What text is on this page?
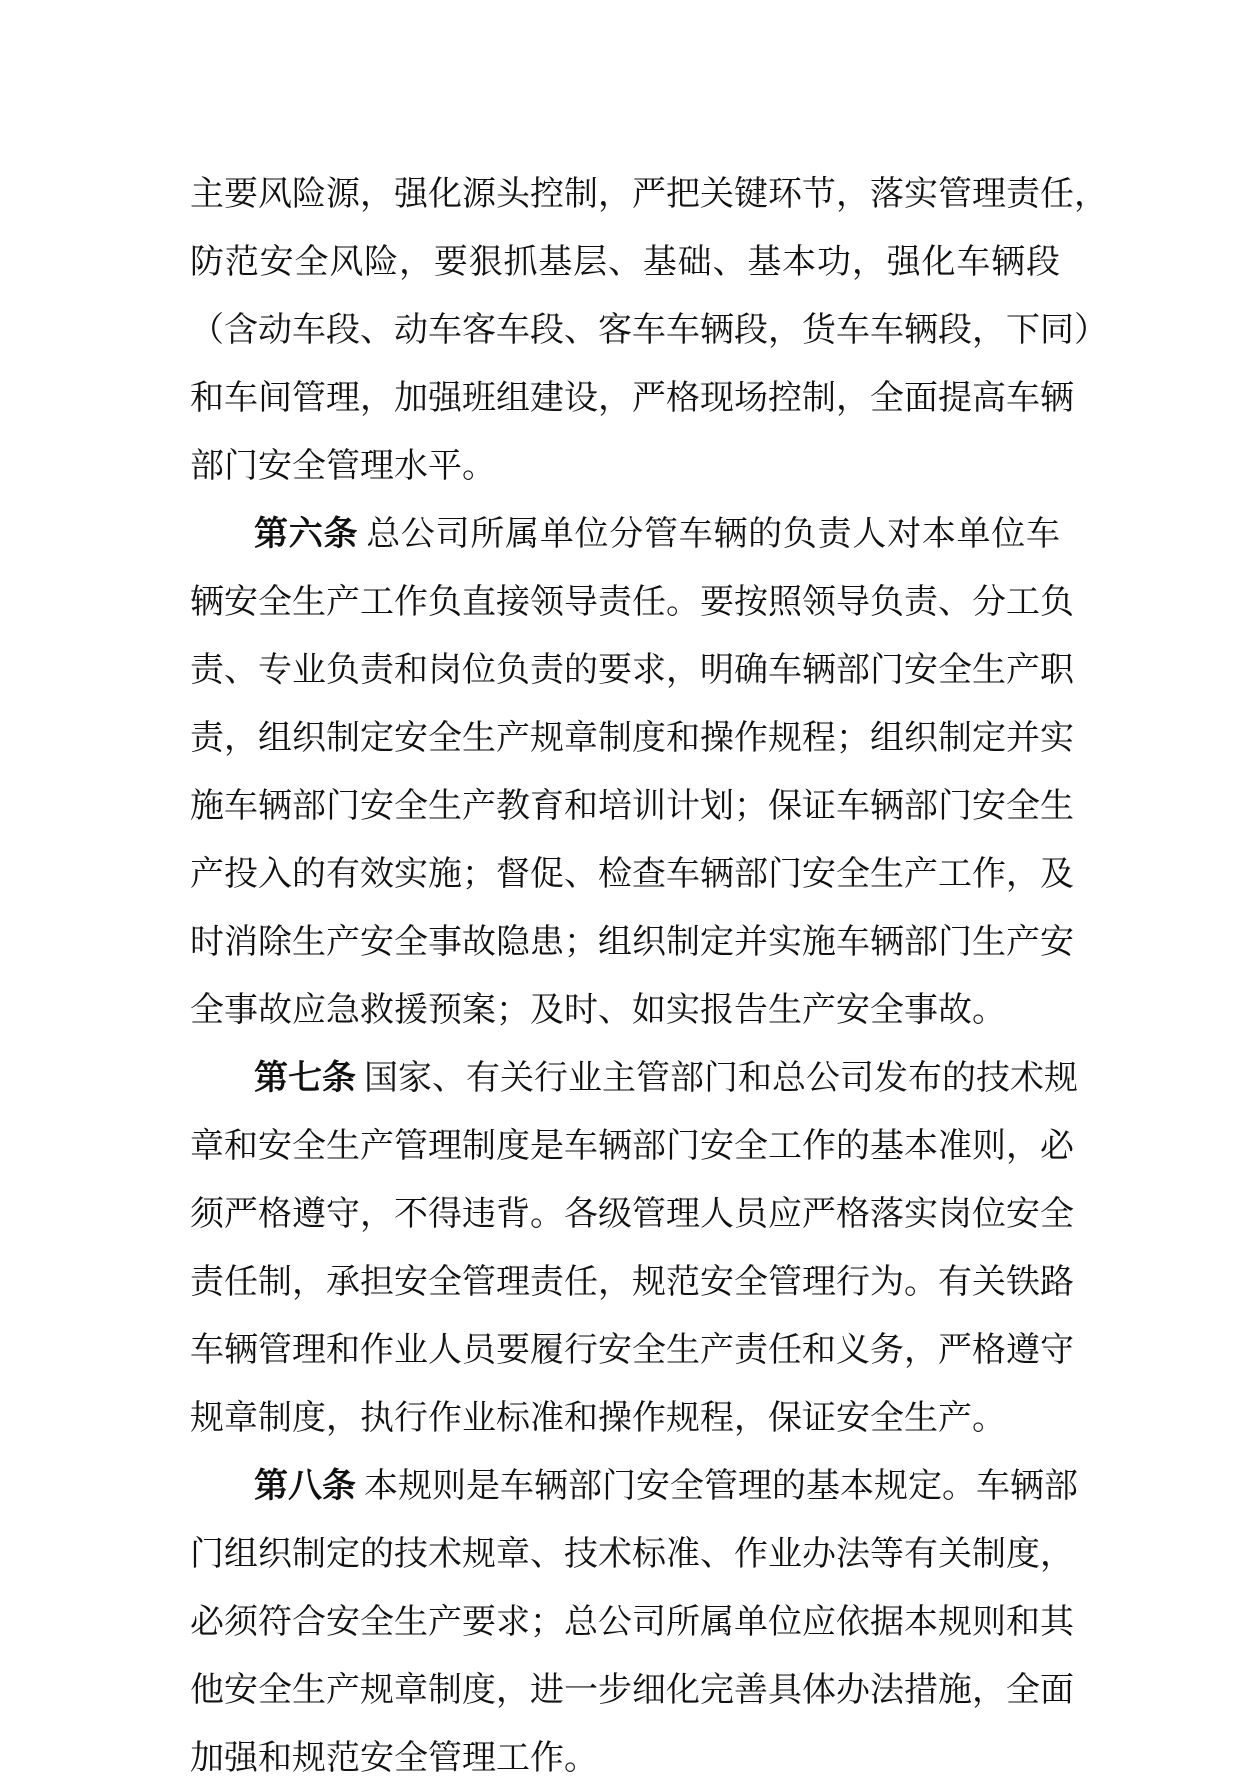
主要风险源，强化源头控制，严把关键环节，落实管理责任，
防范安全风险，要狠抓基层、基础、基本功，强化车辆段
（含动车段、动车客车段、客车车辆段，货车车辆段，下同）
和车间管理，加强班组建设，严格现场控制，全面提高车辆
部门安全管理水平。
第六条 总公司所属单位分管车辆的负责人对本单位车
辆安全生产工作负直接领导责任。要按照领导负责、分工负
责、专业负责和岗位负责的要求，明确车辆部门安全生产职
责，组织制定安全生产规章制度和操作规程；组织制定并实
施车辆部门安全生产教育和培训计划；保证车辆部门安全生
产投入的有效实施；督促、检查车辆部门安全生产工作，及
时消除生产安全事故隐患；组织制定并实施车辆部门生产安
全事故应急救援预案；及时、如实报告生产安全事故。
第七条 国家、有关行业主管部门和总公司发布的技术规
章和安全生产管理制度是车辆部门安全工作的基本准则，必
须严格遵守，不得违背。各级管理人员应严格落实岗位安全
责任制，承担安全管理责任，规范安全管理行为。有关铁路
车辆管理和作业人员要履行安全生产责任和义务，严格遵守
规章制度，执行作业标准和操作规程，保证安全生产。
第八条 本规则是车辆部门安全管理的基本规定。车辆部
门组织制定的技术规章、技术标准、作业办法等有关制度，
必须符合安全生产要求；总公司所属单位应依据本规则和其
他安全生产规章制度，进一步细化完善具体办法措施，全面
加强和规范安全管理工作。
